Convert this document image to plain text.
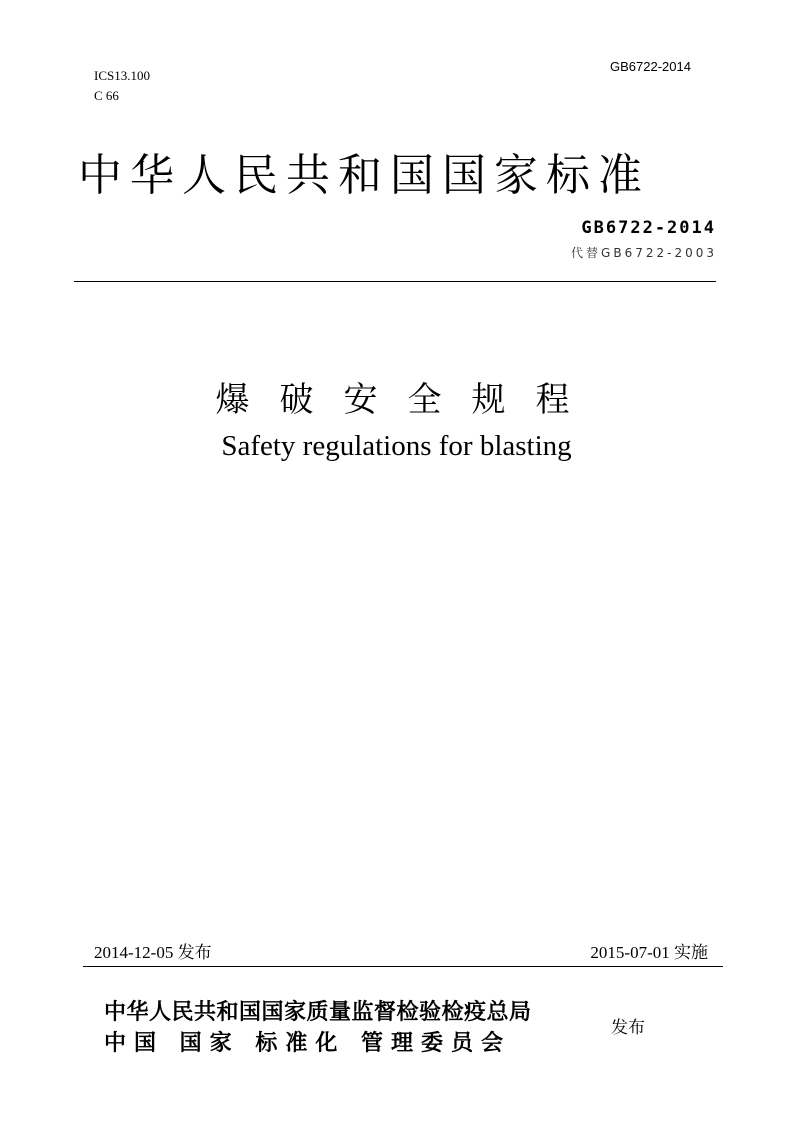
ICS13.100
C 66
GB6722-2014
中华人民共和国国家标准
GB6722-2014
代替GB6722-2003
爆破安全规程
Safety regulations for blasting
2014-12-05 发布	2015-07-01 实施
中华人民共和国国家质量监督检验检疫总局
中国 国家 标准化 管理委员会
发布
